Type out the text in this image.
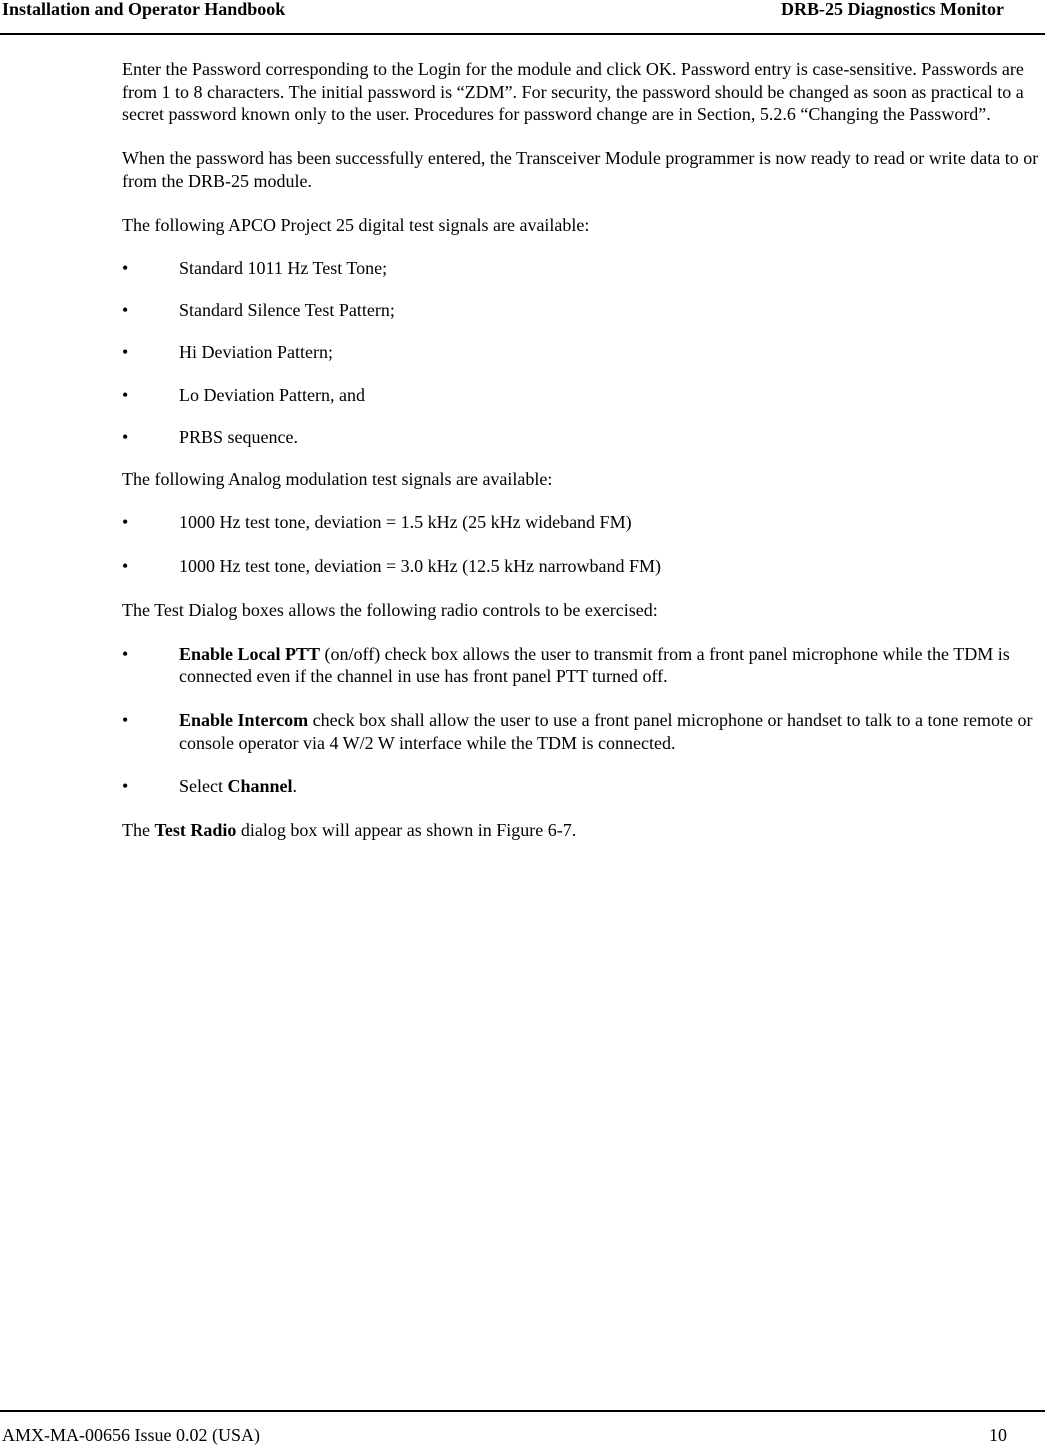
Installation and Operator Handbook	DRB-25 Diagnostics Monitor

Enter the Password corresponding to the Login for the module and click OK. Password entry is case-sensitive. Passwords are from 1 to 8 characters. The initial password is “ZDM”. For security, the password should be changed as soon as practical to a secret password known only to the user. Procedures for password change are in Section, 5.2.6 “Changing the Password”.

When the password has been successfully entered, the Transceiver Module programmer is now ready to read or write data to or from the DRB-25 module.

The following APCO Project 25 digital test signals are available:

•	Standard 1011 Hz Test Tone;
•	Standard Silence Test Pattern;
•	Hi Deviation Pattern;
•	Lo Deviation Pattern, and
•	PRBS sequence.

The following Analog modulation test signals are available:

•	1000 Hz test tone, deviation = 1.5 kHz (25 kHz wideband FM)
•	1000 Hz test tone, deviation = 3.0 kHz (12.5 kHz narrowband FM)

The Test Dialog boxes allows the following radio controls to be exercised:

•	Enable Local PTT (on/off) check box allows the user to transmit from a front panel microphone while the TDM is connected even if the channel in use has front panel PTT turned off.
•	Enable Intercom check box shall allow the user to use a front panel microphone or handset to talk to a tone remote or console operator via 4 W/2 W interface while the TDM is connected.
•	Select Channel.

The Test Radio dialog box will appear as shown in Figure 6-7.

AMX-MA-00656 Issue 0.02 (USA)	10
